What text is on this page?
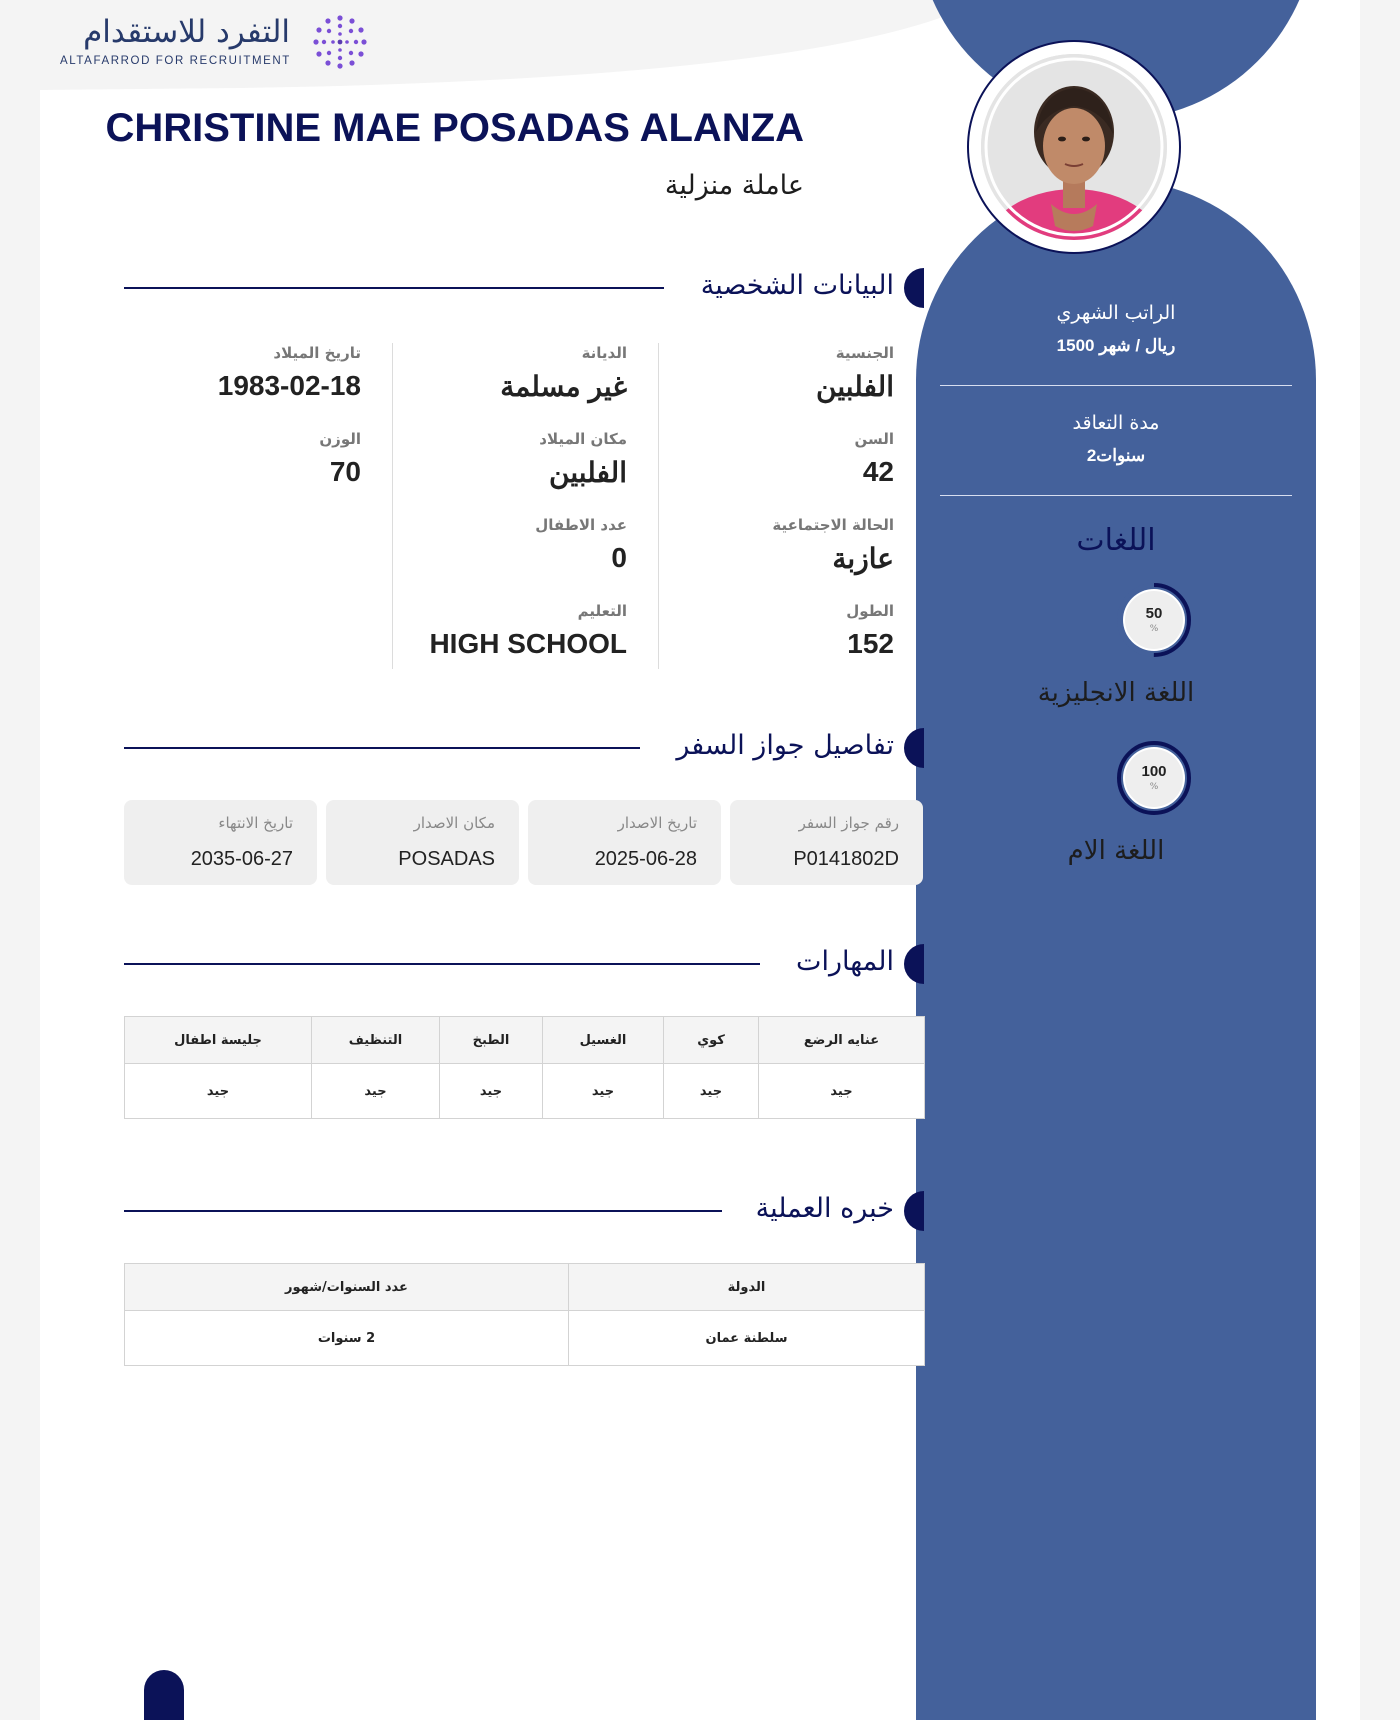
التفرد للاستقدام
ALTAFARROD FOR RECRUITMENT
الراتب الشهري
1500 ريال / شهر
مدة التعاقد
2سنوات
اللغات
50
%
اللغة الانجليزية
100
%
اللغة الام
CHRISTINE MAE POSADAS ALANZA
عاملة منزلية
البيانات الشخصية
الجنسية
الفلبين
السن
42
الحالة الاجتماعية
عازبة
الطول
152
الديانة
غير مسلمة
مكان الميلاد
الفلبين
عدد الاطفال
0
التعليم
HIGH SCHOOL
تاريخ الميلاد
1983-02-18
الوزن
70
تفاصيل جواز السفر
رقم جواز السفر
P0141802D
تاريخ الاصدار
2025-06-28
مكان الاصدار
POSADAS
تاريخ الانتهاء
2035-06-27
المهارات
عنايه الرضع	كوي	الغسيل	الطبخ	التنظيف	جليسة اطفال
جيد	جيد	جيد	جيد	جيد	جيد
خبره العملية
الدولة	عدد السنوات/شهور
سلطنة عمان	2 سنوات
